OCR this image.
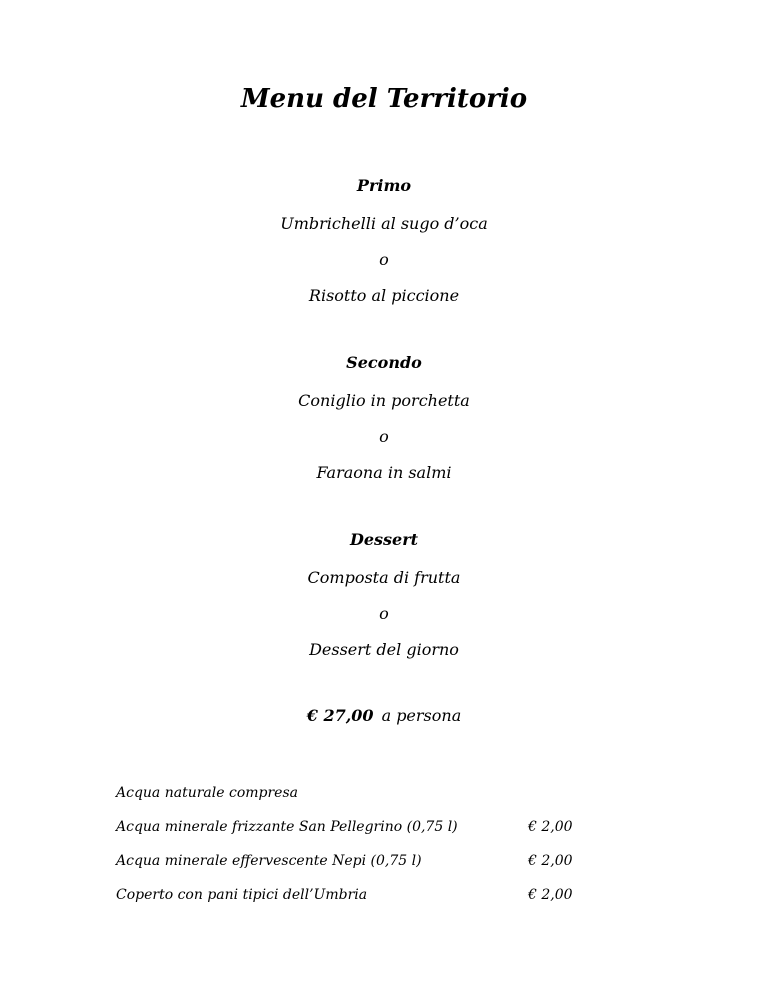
Menu del Territorio
Primo
Umbrichelli al sugo d’oca
o
Risotto al piccione
Secondo
Coniglio in porchetta
o
Faraona in salmi
Dessert
Composta di frutta
o
Dessert del giorno
€ 27,00 a persona
Acqua naturale compresa
Acqua minerale frizzante San Pellegrino (0,75 l)	€ 2,00
Acqua minerale effervescente Nepi (0,75 l)	€ 2,00
Coperto con pani tipici dell’Umbria	€ 2,00
